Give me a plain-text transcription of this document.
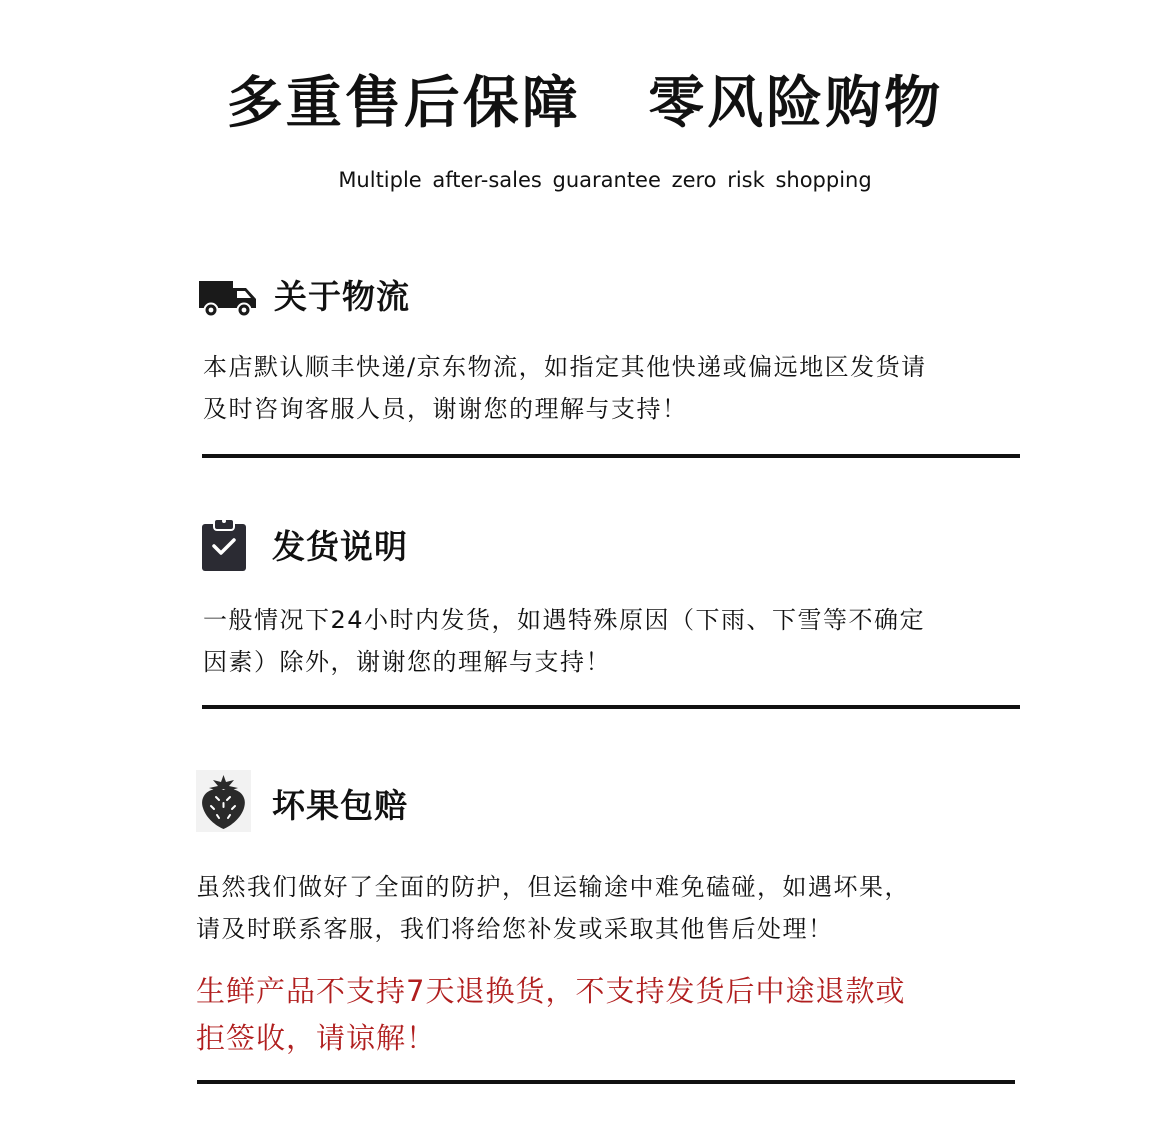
多重售后保障   零风险购物
Multiple after-sales guarantee zero risk shopping
关于物流
本店默认顺丰快递/京东物流，如指定其他快递或偏远地区发货请
及时咨询客服人员，谢谢您的理解与支持！
发货说明
一般情况下24小时内发货，如遇特殊原因（下雨、下雪等不确定
因素）除外，谢谢您的理解与支持！
坏果包赔
虽然我们做好了全面的防护，但运输途中难免磕碰，如遇坏果，
请及时联系客服，我们将给您补发或采取其他售后处理！
生鲜产品不支持7天退换货，不支持发货后中途退款或
拒签收，请谅解！
